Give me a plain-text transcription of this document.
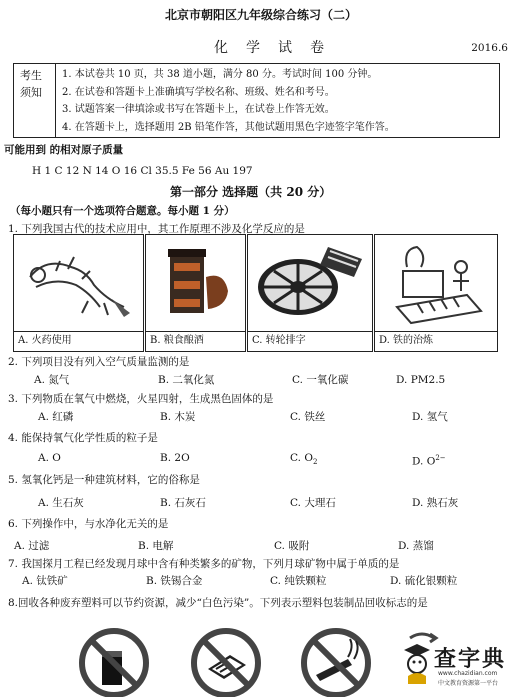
北京市朝阳区九年级综合练习（二）
化学试卷	2016.6
考生
须知
1. 本试卷共 10 页，共 38 道小题，满分 80 分。考试时间 100 分钟。
2. 在试卷和答题卡上准确填写学校名称、班级、姓名和考号。
3. 试题答案一律填涂或书写在答题卡上，在试卷上作答无效。
4. 在答题卡上，选择题用 2B 铅笔作答，其他试题用黑色字迹签字笔作答。
可能用到 的相对原子质量
H 1 C 12 N 14 O 16 Cl 35.5 Fe 56 Au 197
第一部分 选择题（共 20 分）
（每小题只有一个选项符合题意。每小题 1 分）
1. 下列我国古代的技术应用中，其工作原理不涉及化学反应的是
A. 火药使用	B. 粮食酿酒	C. 转轮排字	D. 铁的治炼
2. 下列项目没有列入空气质量监测的是
A. 氮气	B. 二氧化氮	C. 一氧化碳	D. PM2.5
3. 下列物质在氧气中燃烧，火星四射，生成黑色固体的是
A. 红磷	B. 木炭	C. 铁丝	D. 氢气
4. 能保持氧气化学性质的粒子是
A. O	B. 2O	C. $O_2$	D. $O^{2-}$
5. 氢氧化钙是一种建筑材料，它的俗称是
A. 生石灰	B. 石灰石	C. 大理石	D. 熟石灰
6. 下列操作中，与水净化无关的是
A. 过滤	B. 电解	C. 吸附	D. 蒸馏
7. 我国探月工程已经发现月球中含有种类繁多的矿物，下列月球矿物中属于单质的是
A. 钛铁矿	B. 铁锡合金	C. 纯铁颗粒	D. 硫化银颗粒
8.回收各种废弃塑料可以节约资源，减少“白色污染”。下列表示塑料包装制品回收标志的是
查字典
www.chazidian.com
中文教育资源第一平台
